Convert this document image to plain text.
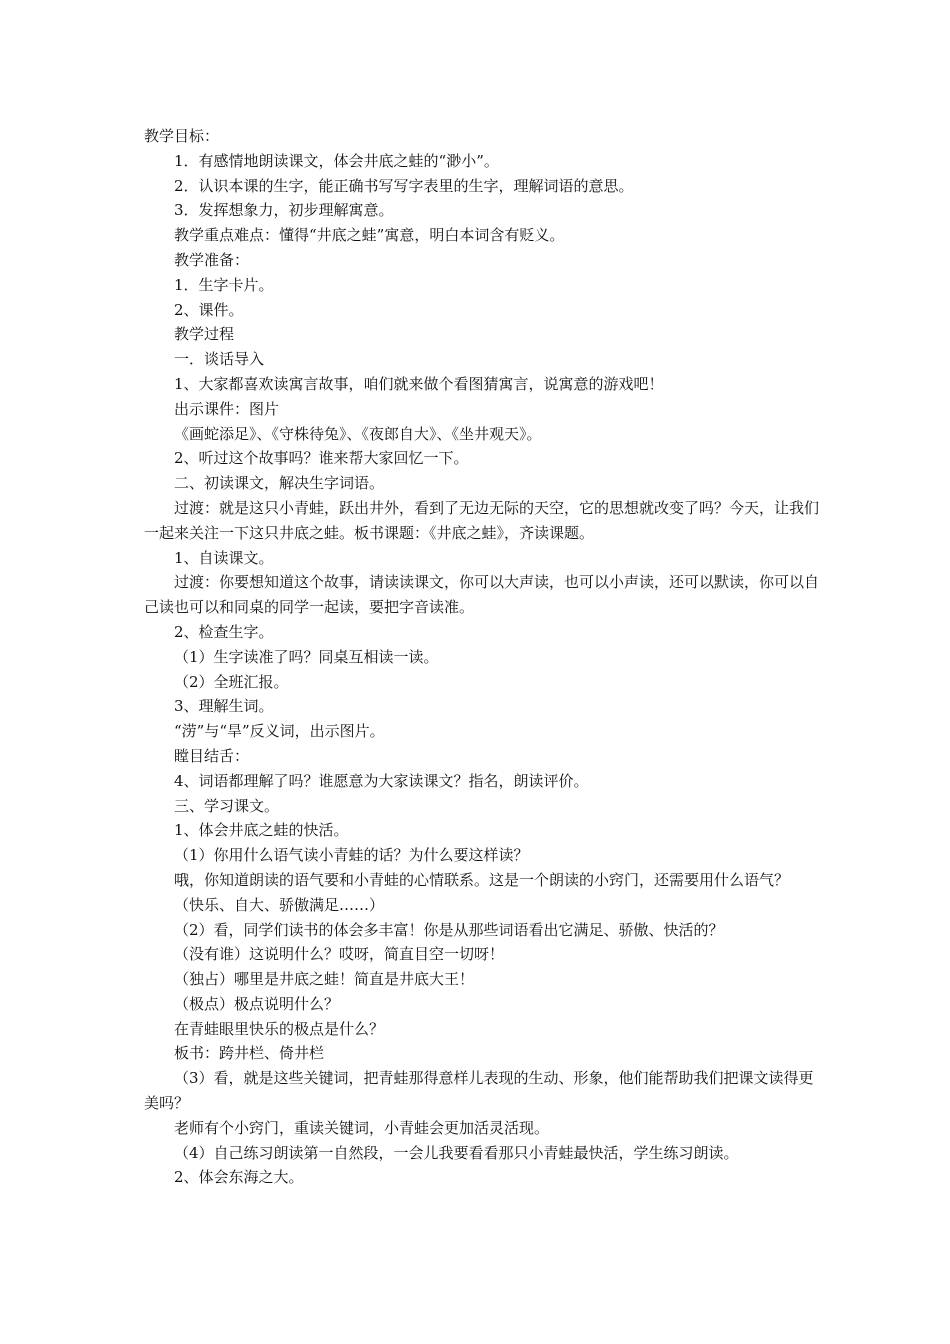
教学目标：

1．有感情地朗读课文，体会井底之蛙的“渺小”。

2．认识本课的生字，能正确书写写字表里的生字，理解词语的意思。

3．发挥想象力，初步理解寓意。

教学重点难点：懂得“井底之蛙”寓意，明白本词含有贬义。

教学准备：

1．生字卡片。

2、课件。

教学过程

一．谈话导入

1、大家都喜欢读寓言故事，咱们就来做个看图猜寓言，说寓意的游戏吧！

出示课件：图片

《画蛇添足》、《守株待兔》、《夜郎自大》、《坐井观天》。

2、听过这个故事吗？谁来帮大家回忆一下。

二、初读课文，解决生字词语。

过渡：就是这只小青蛙，跃出井外，看到了无边无际的天空，它的思想就改变了吗？今天，让我们一起来关注一下这只井底之蛙。板书课题：《井底之蛙》，齐读课题。

1、自读课文。

过渡：你要想知道这个故事，请读读课文，你可以大声读，也可以小声读，还可以默读，你可以自己读也可以和同桌的同学一起读，要把字音读准。

2、检查生字。

（1）生字读准了吗？同桌互相读一读。

（2）全班汇报。

3、理解生词。

“涝”与“旱”反义词，出示图片。

瞠目结舌：

4、词语都理解了吗？谁愿意为大家读课文？指名，朗读评价。

三、学习课文。

1、体会井底之蛙的快活。

（1）你用什么语气读小青蛙的话？为什么要这样读？

哦，你知道朗读的语气要和小青蛙的心情联系。这是一个朗读的小窍门，还需要用什么语气？

（快乐、自大、骄傲满足……）

（2）看，同学们读书的体会多丰富！你是从那些词语看出它满足、骄傲、快活的？

（没有谁）这说明什么？哎呀，简直目空一切呀！

（独占）哪里是井底之蛙！简直是井底大王！

（极点）极点说明什么？

在青蛙眼里快乐的极点是什么？

板书：跨井栏、倚井栏

（3）看，就是这些关键词，把青蛙那得意样儿表现的生动、形象，他们能帮助我们把课文读得更美吗？

老师有个小窍门，重读关键词，小青蛙会更加活灵活现。

（4）自己练习朗读第一自然段，一会儿我要看看那只小青蛙最快活，学生练习朗读。

2、体会东海之大。
